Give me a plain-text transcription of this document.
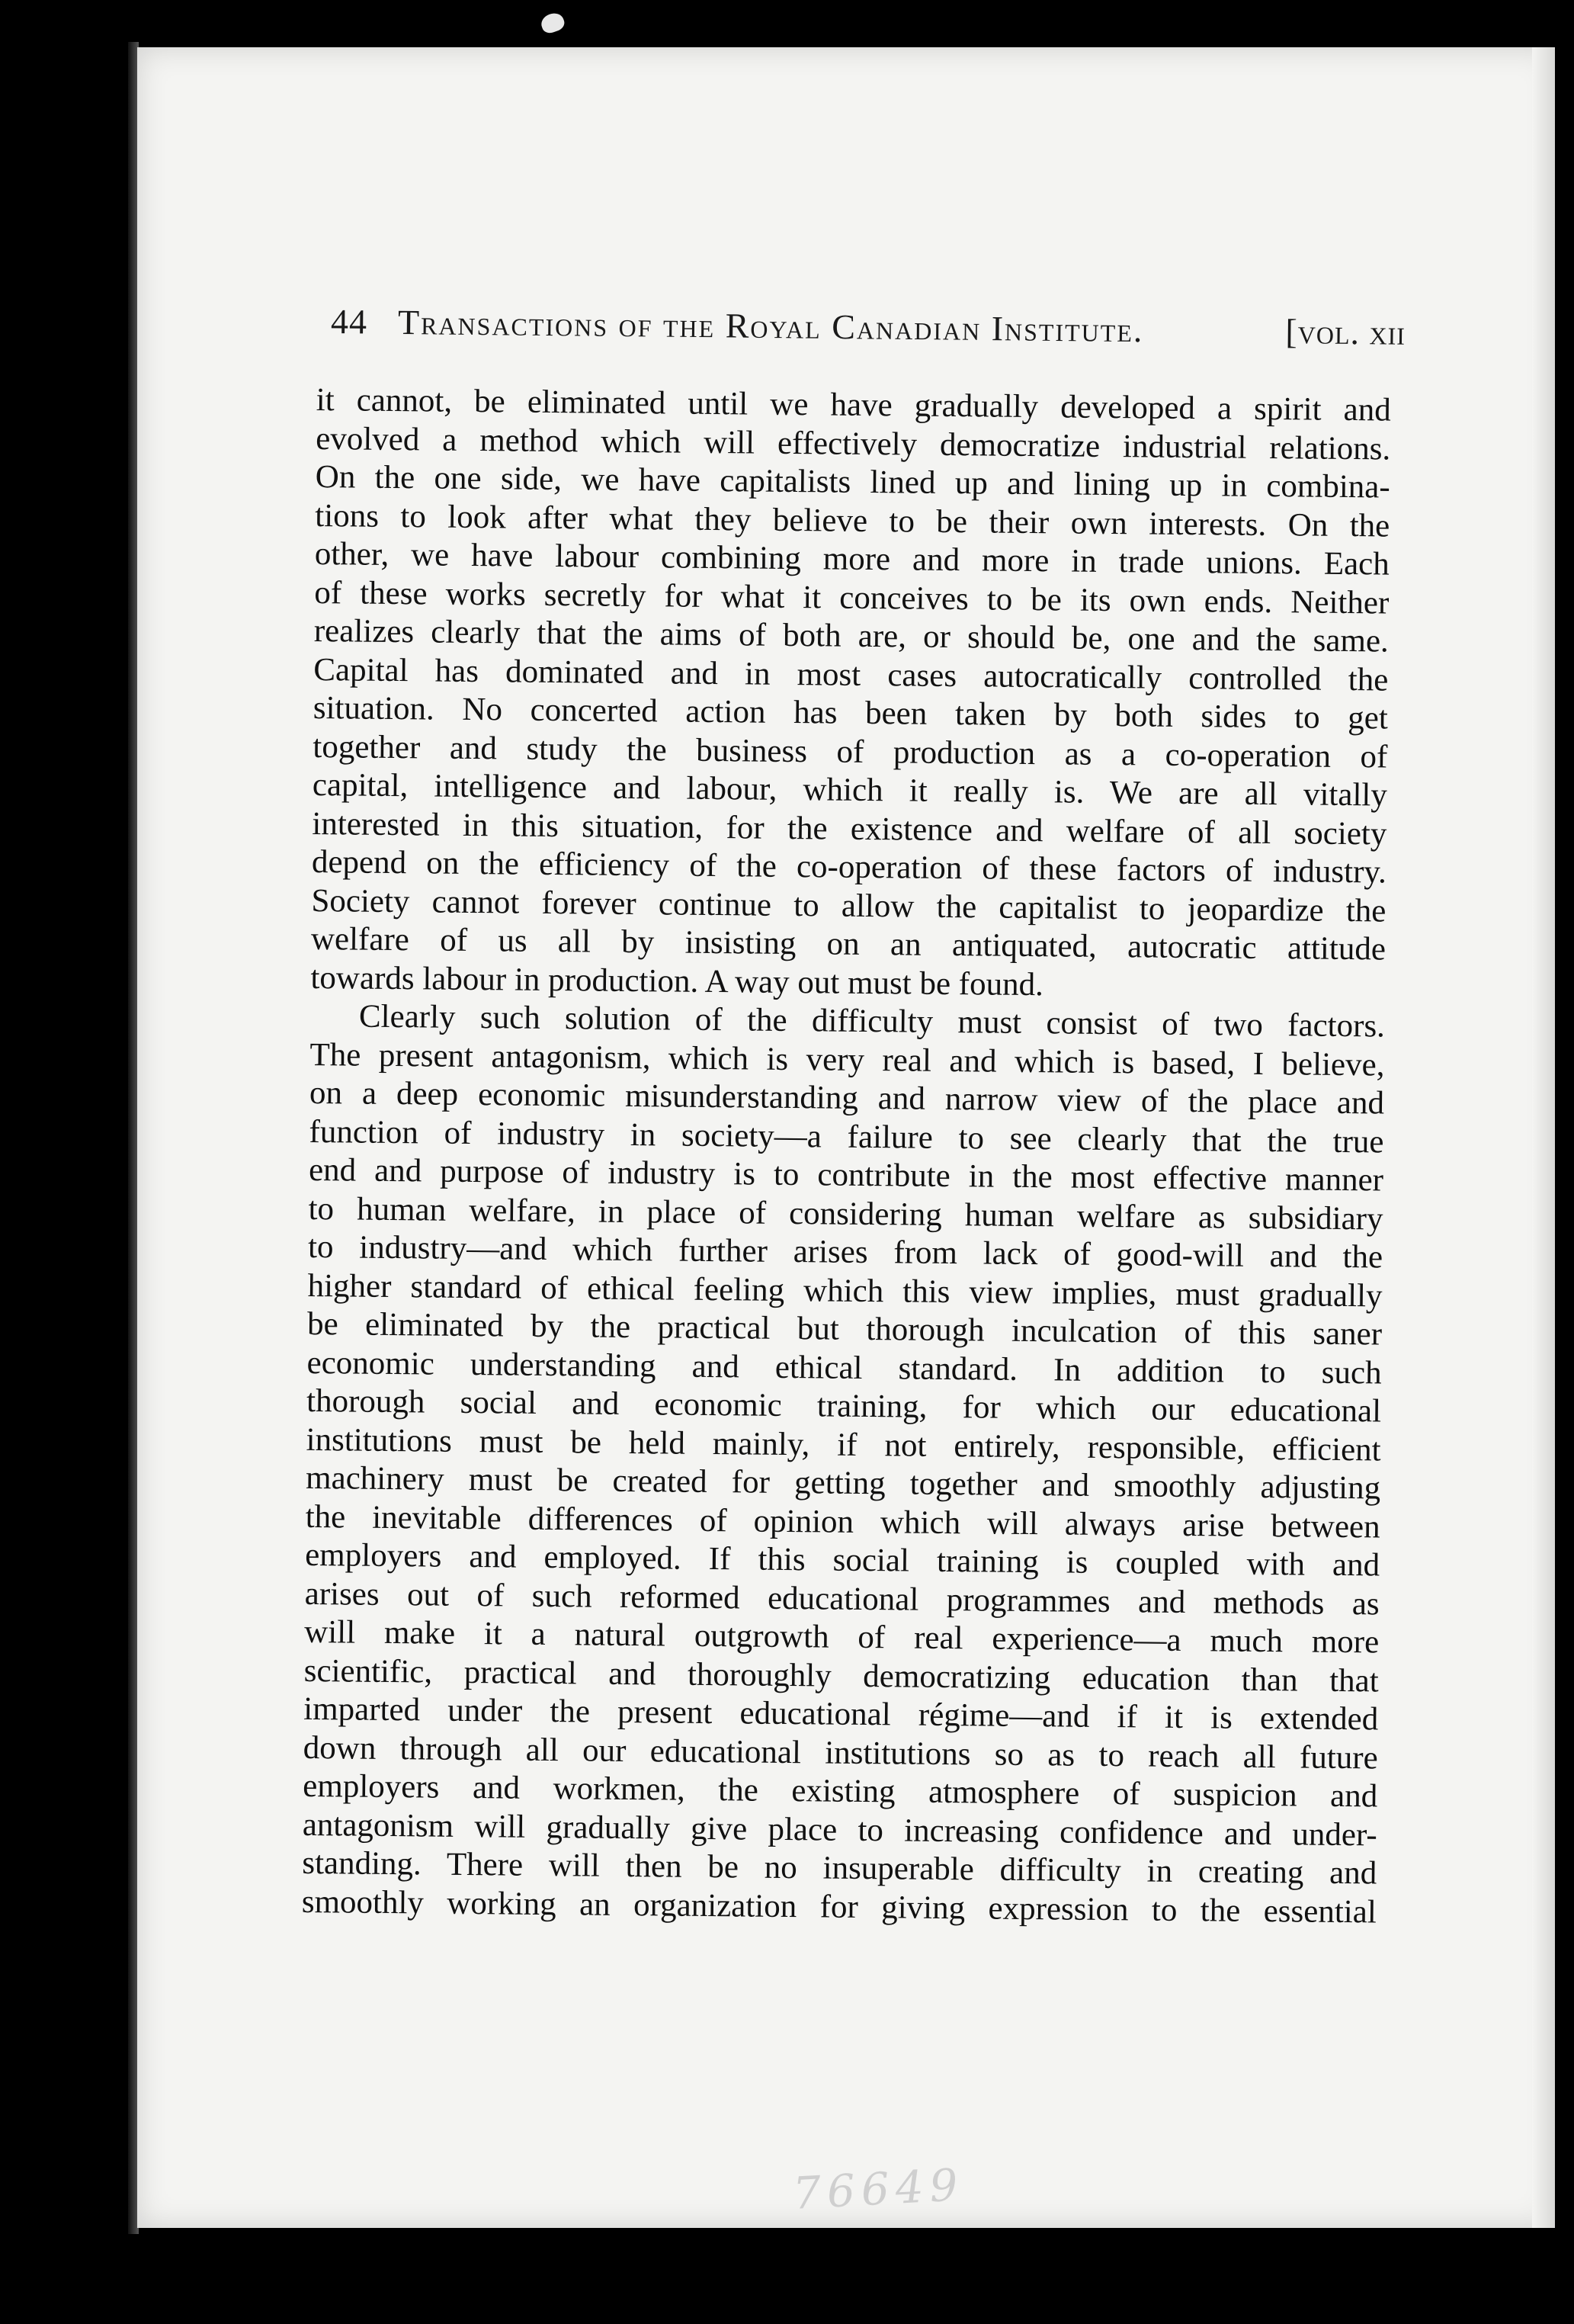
44 Transactions of the Royal Canadian Institute.	[vol. xii
it cannot, be eliminated until we have gradually developed a spirit and
evolved a method which will effectively democratize industrial relations.
On the one side, we have capitalists lined up and lining up in combina-
tions to look after what they believe to be their own interests. On the
other, we have labour combining more and more in trade unions. Each
of these works secretly for what it conceives to be its own ends. Neither
realizes clearly that the aims of both are, or should be, one and the same.
Capital has dominated and in most cases autocratically controlled the
situation. No concerted action has been taken by both sides to get
together and study the business of production as a co-operation of
capital, intelligence and labour, which it really is. We are all vitally
interested in this situation, for the existence and welfare of all society
depend on the efficiency of the co-operation of these factors of industry.
Society cannot forever continue to allow the capitalist to jeopardize the
welfare of us all by insisting on an antiquated, autocratic attitude
towards labour in production. A way out must be found.
Clearly such solution of the difficulty must consist of two factors.
The present antagonism, which is very real and which is based, I believe,
on a deep economic misunderstanding and narrow view of the place and
function of industry in society—a failure to see clearly that the true
end and purpose of industry is to contribute in the most effective manner
to human welfare, in place of considering human welfare as subsidiary
to industry—and which further arises from lack of good-will and the
higher standard of ethical feeling which this view implies, must gradually
be eliminated by the practical but thorough inculcation of this saner
economic understanding and ethical standard. In addition to such
thorough social and economic training, for which our educational
institutions must be held mainly, if not entirely, responsible, efficient
machinery must be created for getting together and smoothly adjusting
the inevitable differences of opinion which will always arise between
employers and employed. If this social training is coupled with and
arises out of such reformed educational programmes and methods as
will make it a natural outgrowth of real experience—a much more
scientific, practical and thoroughly democratizing education than that
imparted under the present educational régime—and if it is extended
down through all our educational institutions so as to reach all future
employers and workmen, the existing atmosphere of suspicion and
antagonism will gradually give place to increasing confidence and under-
standing. There will then be no insuperable difficulty in creating and
smoothly working an organization for giving expression to the essential
76649
